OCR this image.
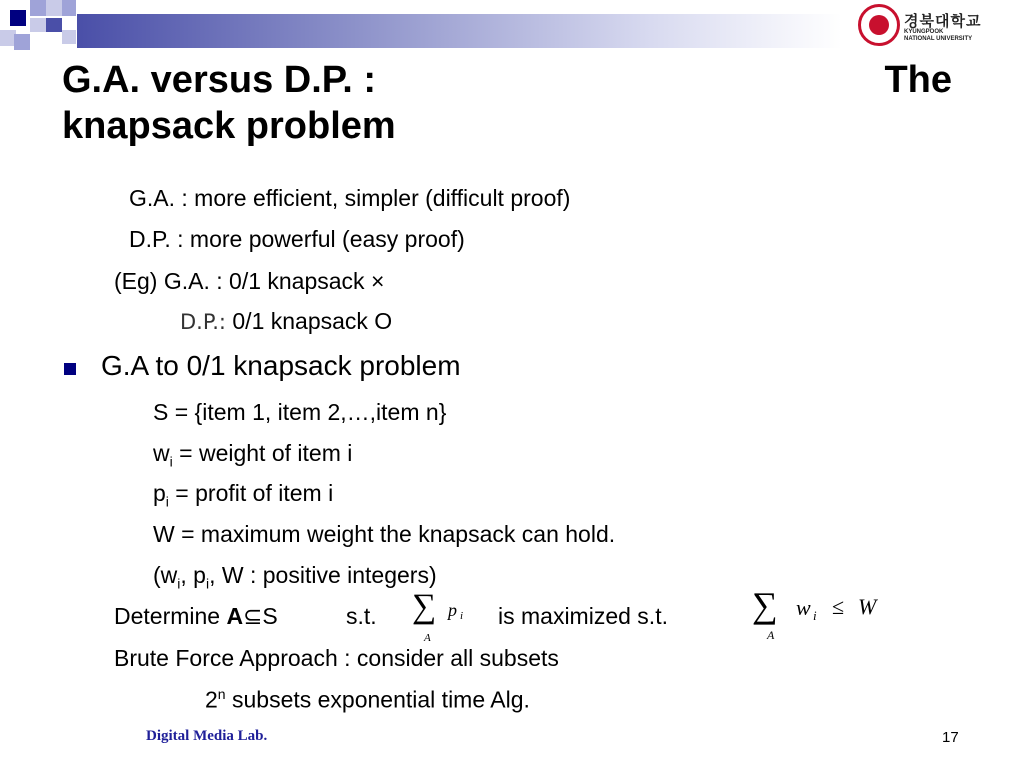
경북대학교
KYUNGPOOK
NATIONAL UNIVERSITY
G.A. versus D.P. :	The
knapsack problem
G.A. : more efficient, simpler (difficult proof)
D.P. : more powerful (easy proof)
(Eg) G.A. : 0/1 knapsack ×
D.P.: 0/1 knapsack O
G.A to 0/1 knapsack problem
S = {item 1, item 2,…,item n}
$w_i$ = weight of item i
$p_i$ = profit of item i
W = maximum weight the knapsack can hold.
($w_i$, $p_i$, W : positive integers)
Determine A⊆S	s.t. ∑ p i
A
is maximized s.t. ∑ w i ≤ W
A
Brute Force Approach : consider all subsets
2$^n$ subsets exponential time Alg.
Digital Media Lab.	17
